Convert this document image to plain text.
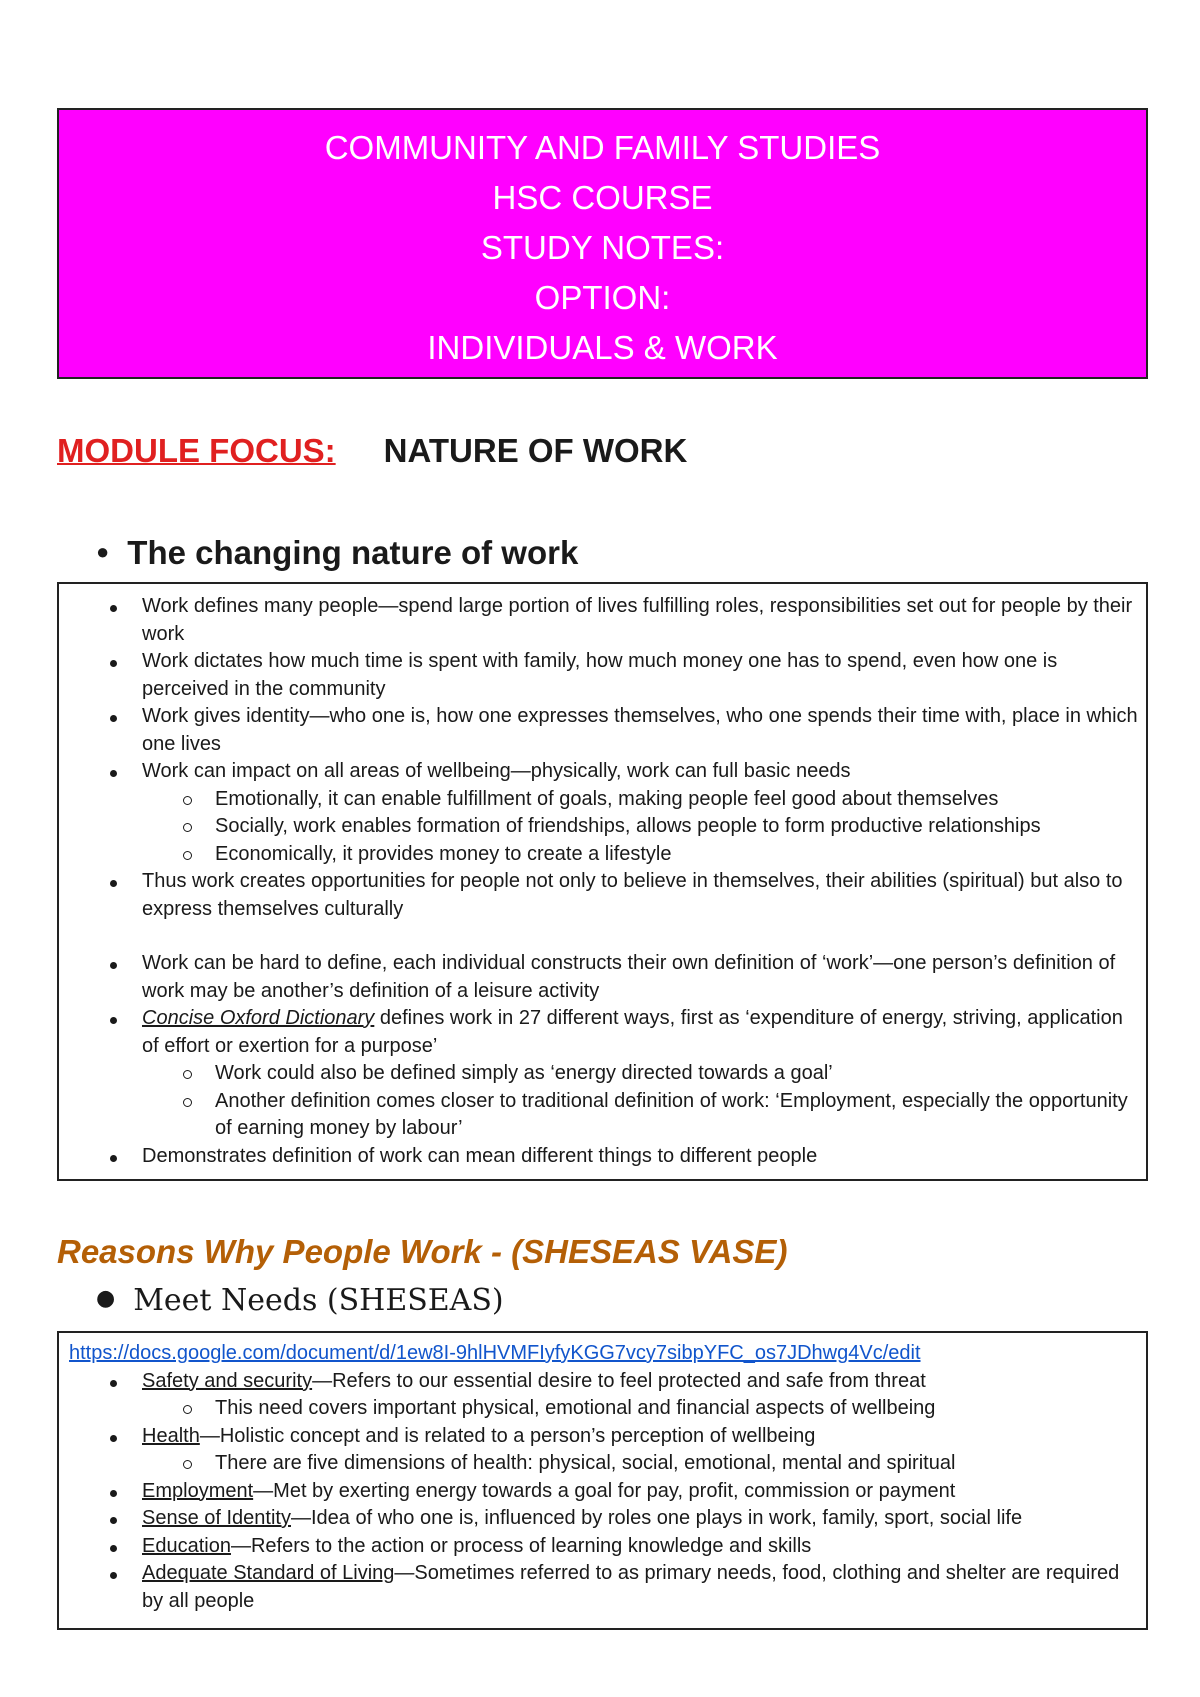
COMMUNITY AND FAMILY STUDIES
HSC COURSE
STUDY NOTES:
OPTION:
INDIVIDUALS & WORK
MODULE FOCUS: NATURE OF WORK
● The changing nature of work
Work defines many people—spend large portion of lives fulfilling roles, responsibilities set out for people by their work
Work dictates how much time is spent with family, how much money one has to spend, even how one is perceived in the community
Work gives identity—who one is, how one expresses themselves, who one spends their time with, place in which one lives
Work can impact on all areas of wellbeing—physically, work can full basic needs
Emotionally, it can enable fulfillment of goals, making people feel good about themselves
Socially, work enables formation of friendships, allows people to form productive relationships
Economically, it provides money to create a lifestyle
Thus work creates opportunities for people not only to believe in themselves, their abilities (spiritual) but also to express themselves culturally
Work can be hard to define, each individual constructs their own definition of ‘work’—one person’s definition of work may be another’s definition of a leisure activity
Concise Oxford Dictionary defines work in 27 different ways, first as ‘expenditure of energy, striving, application of effort or exertion for a purpose’
Work could also be defined simply as ‘energy directed towards a goal’
Another definition comes closer to traditional definition of work: ‘Employment, especially the opportunity of earning money by labour’
Demonstrates definition of work can mean different things to different people
Reasons Why People Work - (SHESEAS VASE)
● Meet Needs (SHESEAS)
https://docs.google.com/document/d/1ew8I-9hlHVMFIyfyKGG7vcy7sibpYFC_os7JDhwg4Vc/edit
Safety and security—Refers to our essential desire to feel protected and safe from threat
This need covers important physical, emotional and financial aspects of wellbeing
Health—Holistic concept and is related to a person’s perception of wellbeing
There are five dimensions of health: physical, social, emotional, mental and spiritual
Employment—Met by exerting energy towards a goal for pay, profit, commission or payment
Sense of Identity—Idea of who one is, influenced by roles one plays in work, family, sport, social life
Education—Refers to the action or process of learning knowledge and skills
Adequate Standard of Living—Sometimes referred to as primary needs, food, clothing and shelter are required by all people
